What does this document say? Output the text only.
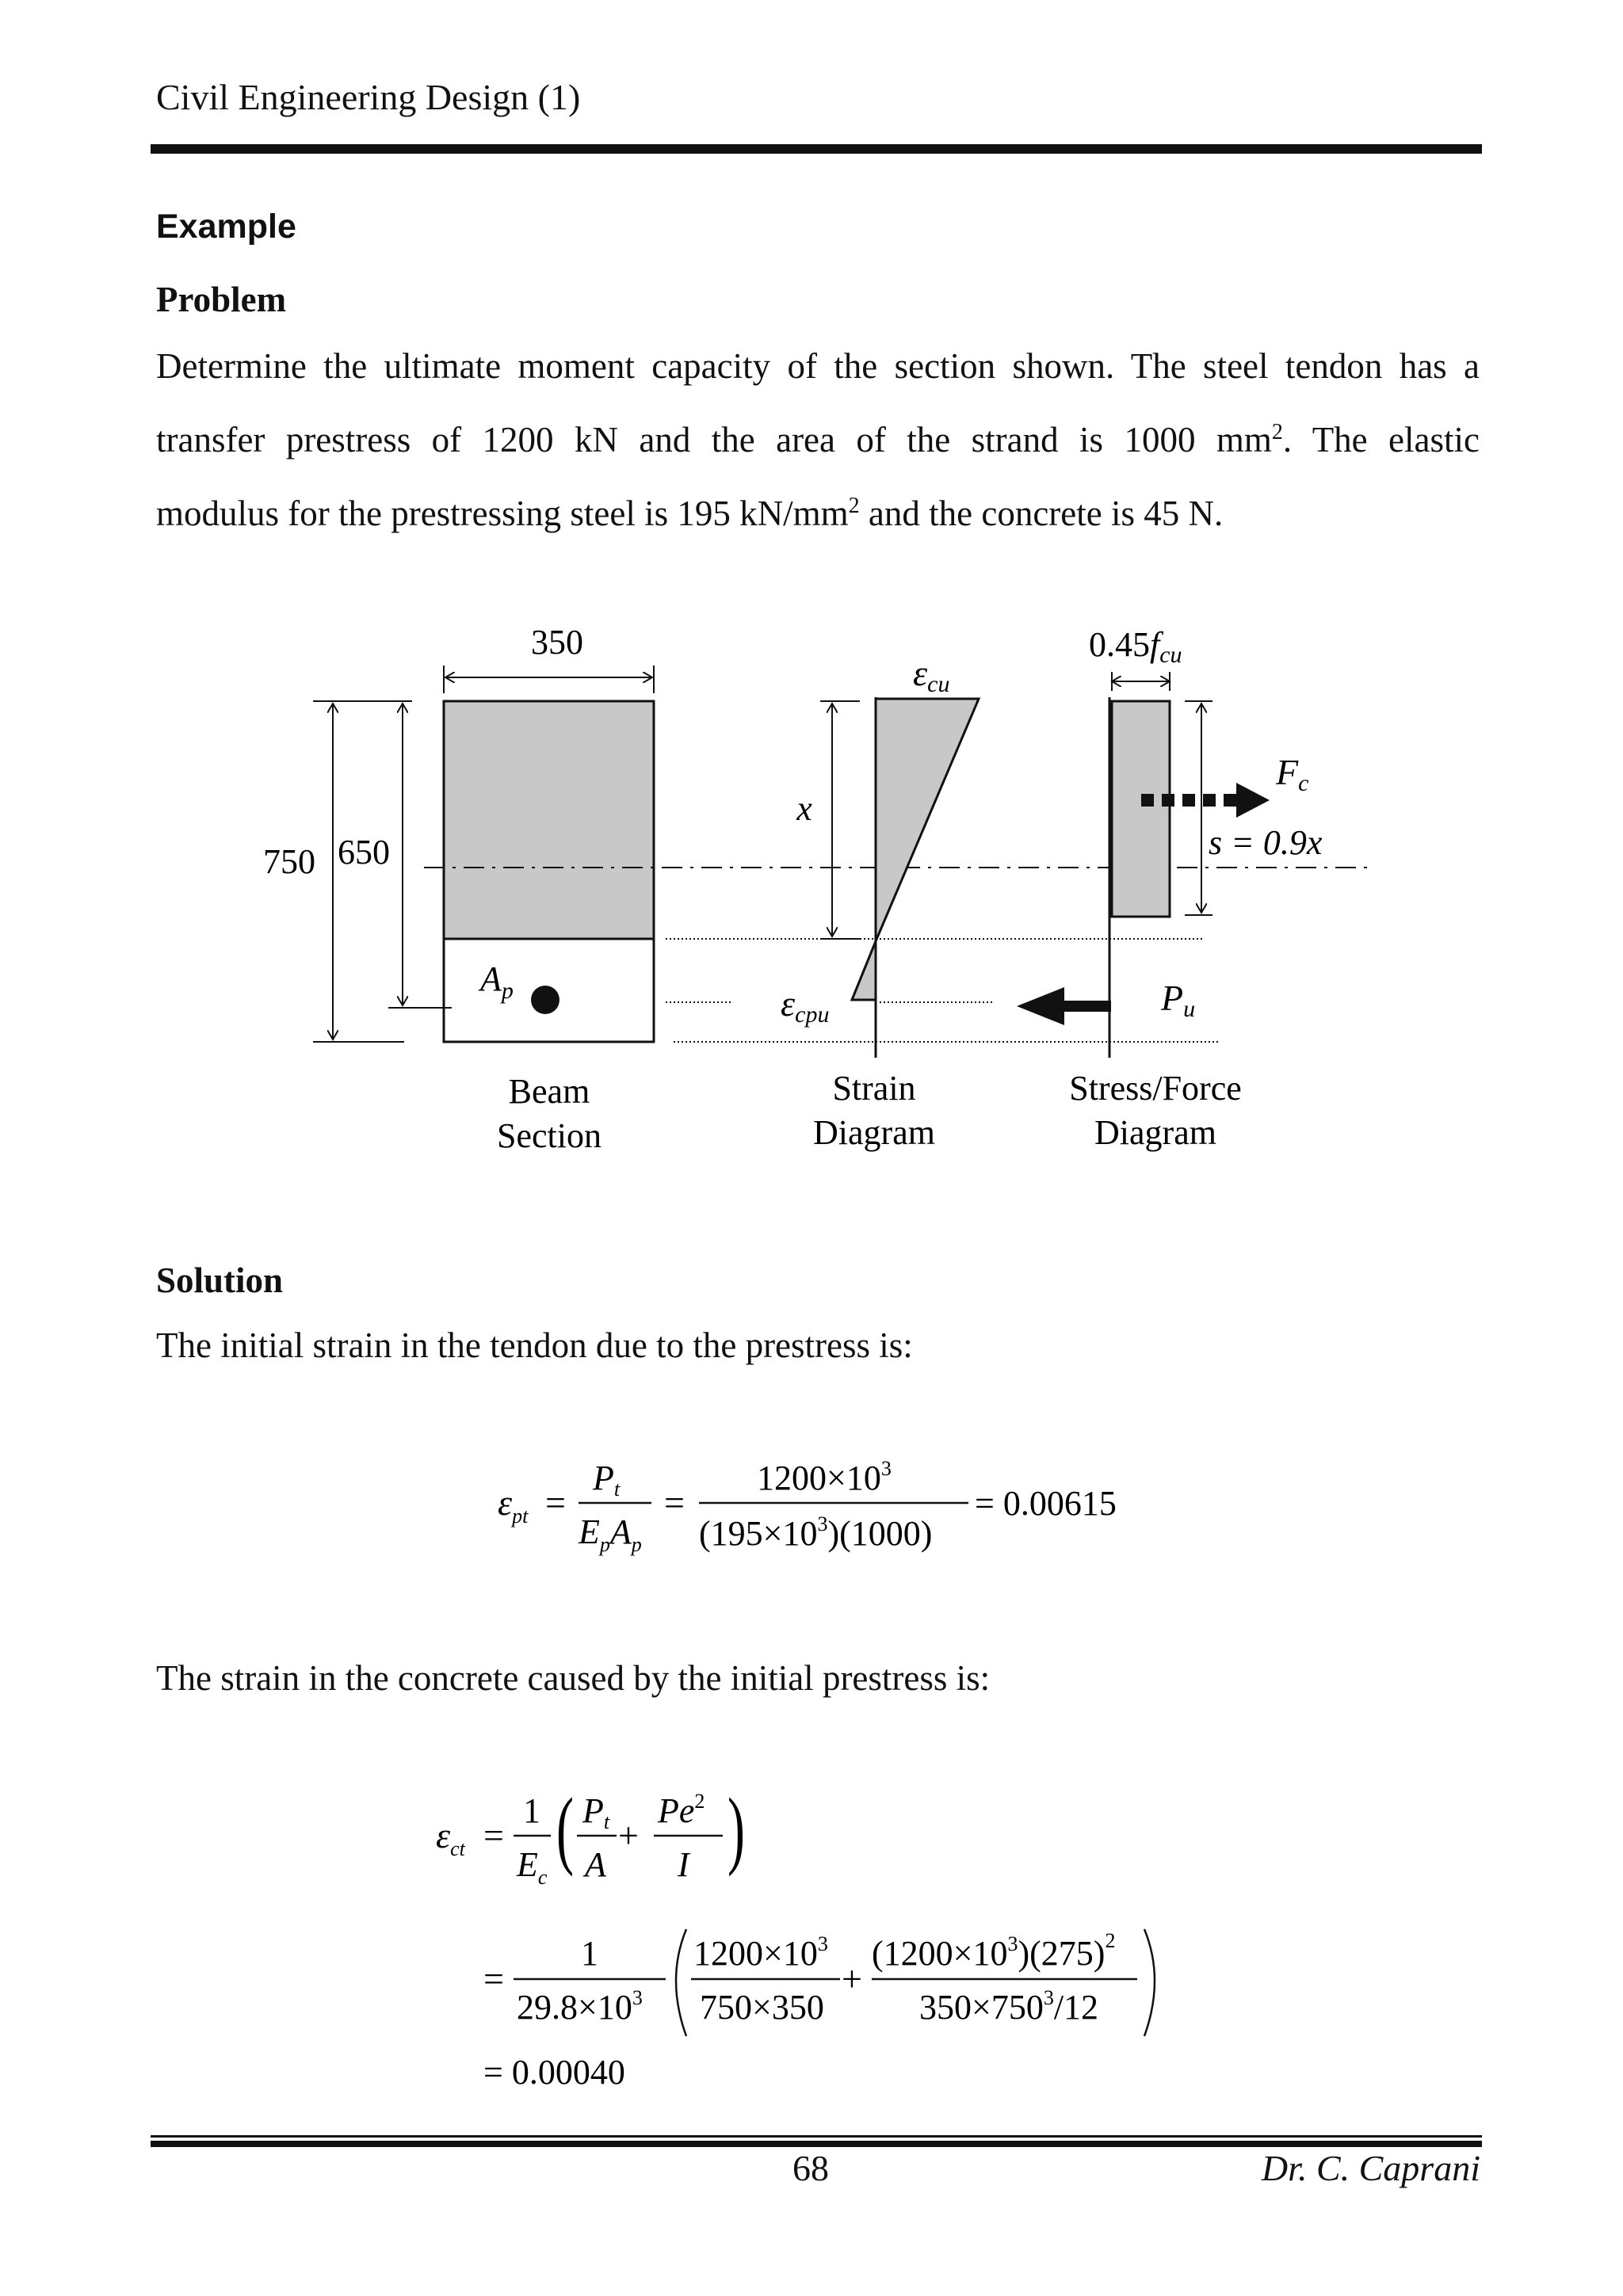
Civil Engineering Design (1)
Example
Problem
Determine the ultimate moment capacity of the section shown. The steel tendon has a
transfer prestress of 1200 kN and the area of the strand is 1000 $mm^2$. The elastic
modulus for the prestressing steel is 195 $kN/mm^2$ and the concrete is 45 N.
$A_p$
350
750 650
Beam
Section
x
εcu
εcpu
Strain
Diagram
0.45fcu
s = 0.9x
Fc
Pu
Stress/Force
Diagram
Solution
The initial strain in the tendon due to the prestress is:
$\varepsilon_{pt}$ =
Pt
$E_pA_p$
=
$1200\times 10^3$
$(195\times 10^3)(1000)$
= 0.00615
The strain in the concrete caused by the initial prestress is:
$\varepsilon_{ct}$ =
1
$E_c$
( Pt
A
+
$Pe^2$
I )
=
1
$29.8\times 10^3$
$1200\times 10^3$
750×350
+
$(1200\times 10^3)(275)^2$
$350\times 750^3/12$
= 0.00040
68	Dr. C. Caprani
